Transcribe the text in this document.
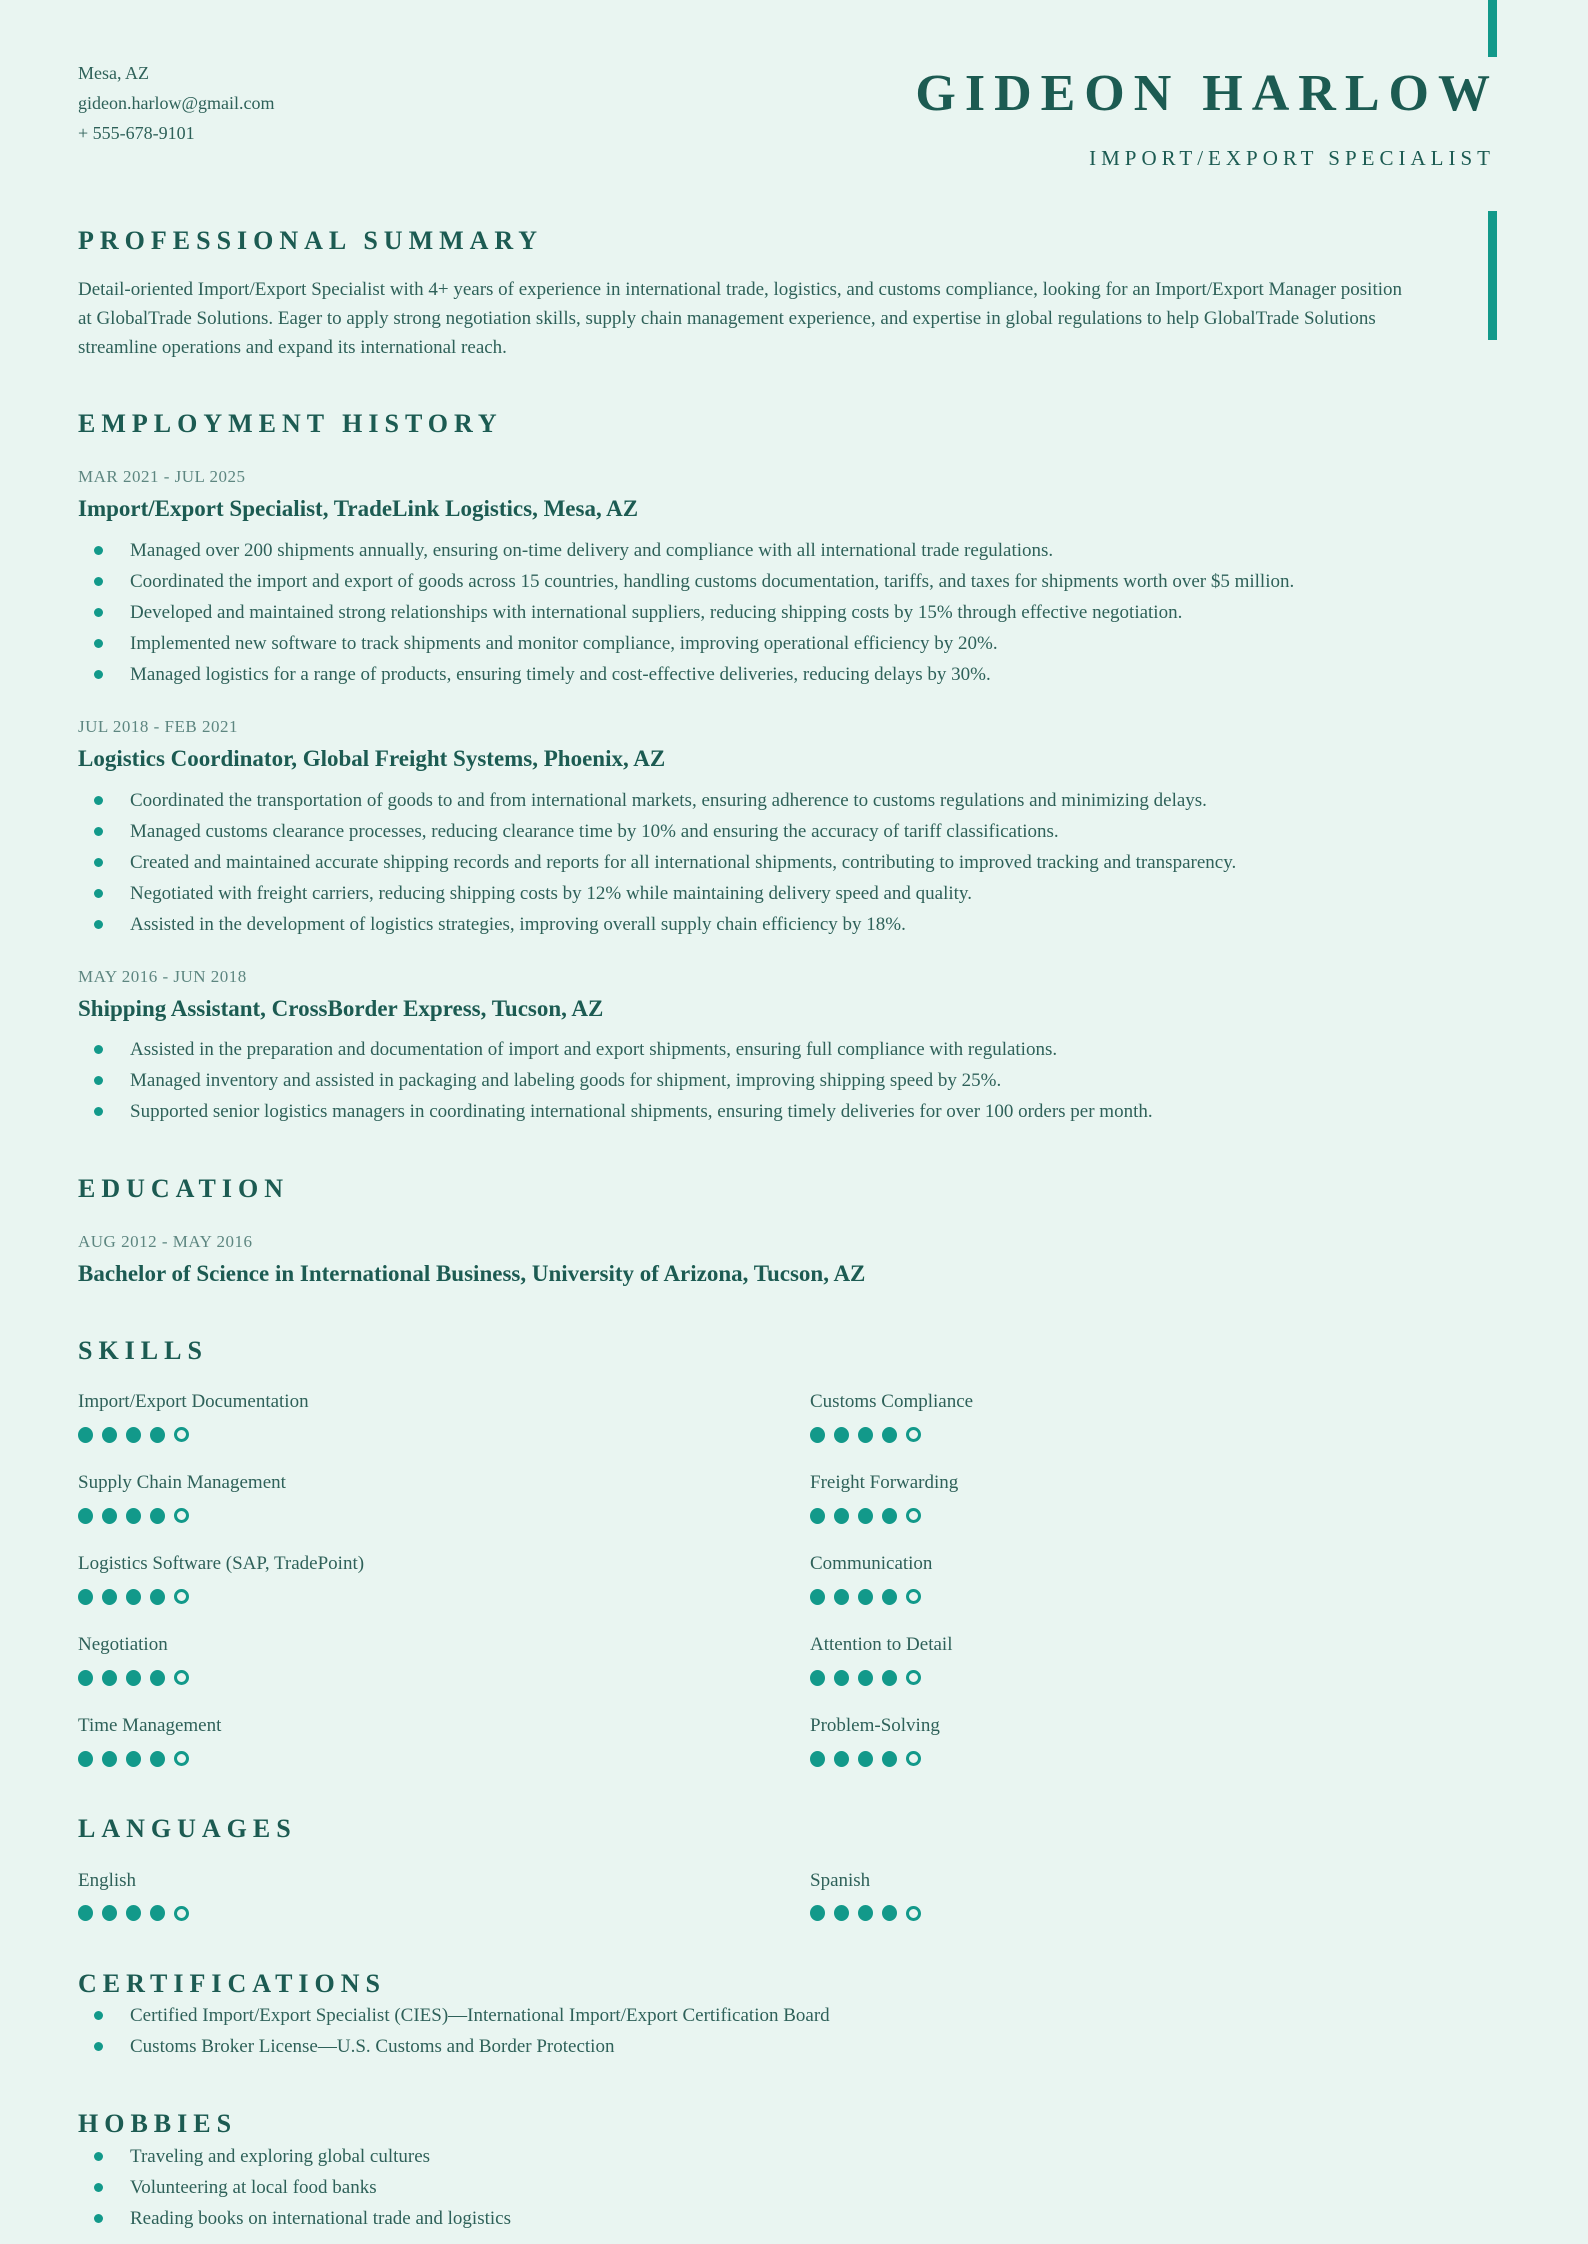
Mesa, AZ
gideon.harlow@gmail.com
+ 555-678-9101
GIDEON HARLOW
IMPORT/EXPORT SPECIALIST
PROFESSIONAL SUMMARY

Detail-oriented Import/Export Specialist with 4+ years of experience in international trade, logistics, and customs compliance, looking for an Import/Export Manager position at GlobalTrade Solutions. Eager to apply strong negotiation skills, supply chain management experience, and expertise in global regulations to help GlobalTrade Solutions streamline operations and expand its international reach.

EMPLOYMENT HISTORY
MAR 2021 - JUL 2025
Import/Export Specialist, TradeLink Logistics, Mesa, AZ
Managed over 200 shipments annually, ensuring on-time delivery and compliance with all international trade regulations.
Coordinated the import and export of goods across 15 countries, handling customs documentation, tariffs, and taxes for shipments worth over $5 million.
Developed and maintained strong relationships with international suppliers, reducing shipping costs by 15% through effective negotiation.
Implemented new software to track shipments and monitor compliance, improving operational efficiency by 20%.
Managed logistics for a range of products, ensuring timely and cost-effective deliveries, reducing delays by 30%.
JUL 2018 - FEB 2021
Logistics Coordinator, Global Freight Systems, Phoenix, AZ
Coordinated the transportation of goods to and from international markets, ensuring adherence to customs regulations and minimizing delays.
Managed customs clearance processes, reducing clearance time by 10% and ensuring the accuracy of tariff classifications.
Created and maintained accurate shipping records and reports for all international shipments, contributing to improved tracking and transparency.
Negotiated with freight carriers, reducing shipping costs by 12% while maintaining delivery speed and quality.
Assisted in the development of logistics strategies, improving overall supply chain efficiency by 18%.
MAY 2016 - JUN 2018
Shipping Assistant, CrossBorder Express, Tucson, AZ
Assisted in the preparation and documentation of import and export shipments, ensuring full compliance with regulations.
Managed inventory and assisted in packaging and labeling goods for shipment, improving shipping speed by 25%.
Supported senior logistics managers in coordinating international shipments, ensuring timely deliveries for over 100 orders per month.
EDUCATION
AUG 2012 - MAY 2016
Bachelor of Science in International Business, University of Arizona, Tucson, AZ
SKILLS
Import/Export Documentation	Customs Compliance
Supply Chain Management	Freight Forwarding
Logistics Software (SAP, TradePoint)	Communication
Negotiation	Attention to Detail
Time Management	Problem-Solving
LANGUAGES
English	Spanish
CERTIFICATIONS
Certified Import/Export Specialist (CIES)—International Import/Export Certification Board
Customs Broker License—U.S. Customs and Border Protection
HOBBIES
Traveling and exploring global cultures
Volunteering at local food banks
Reading books on international trade and logistics
